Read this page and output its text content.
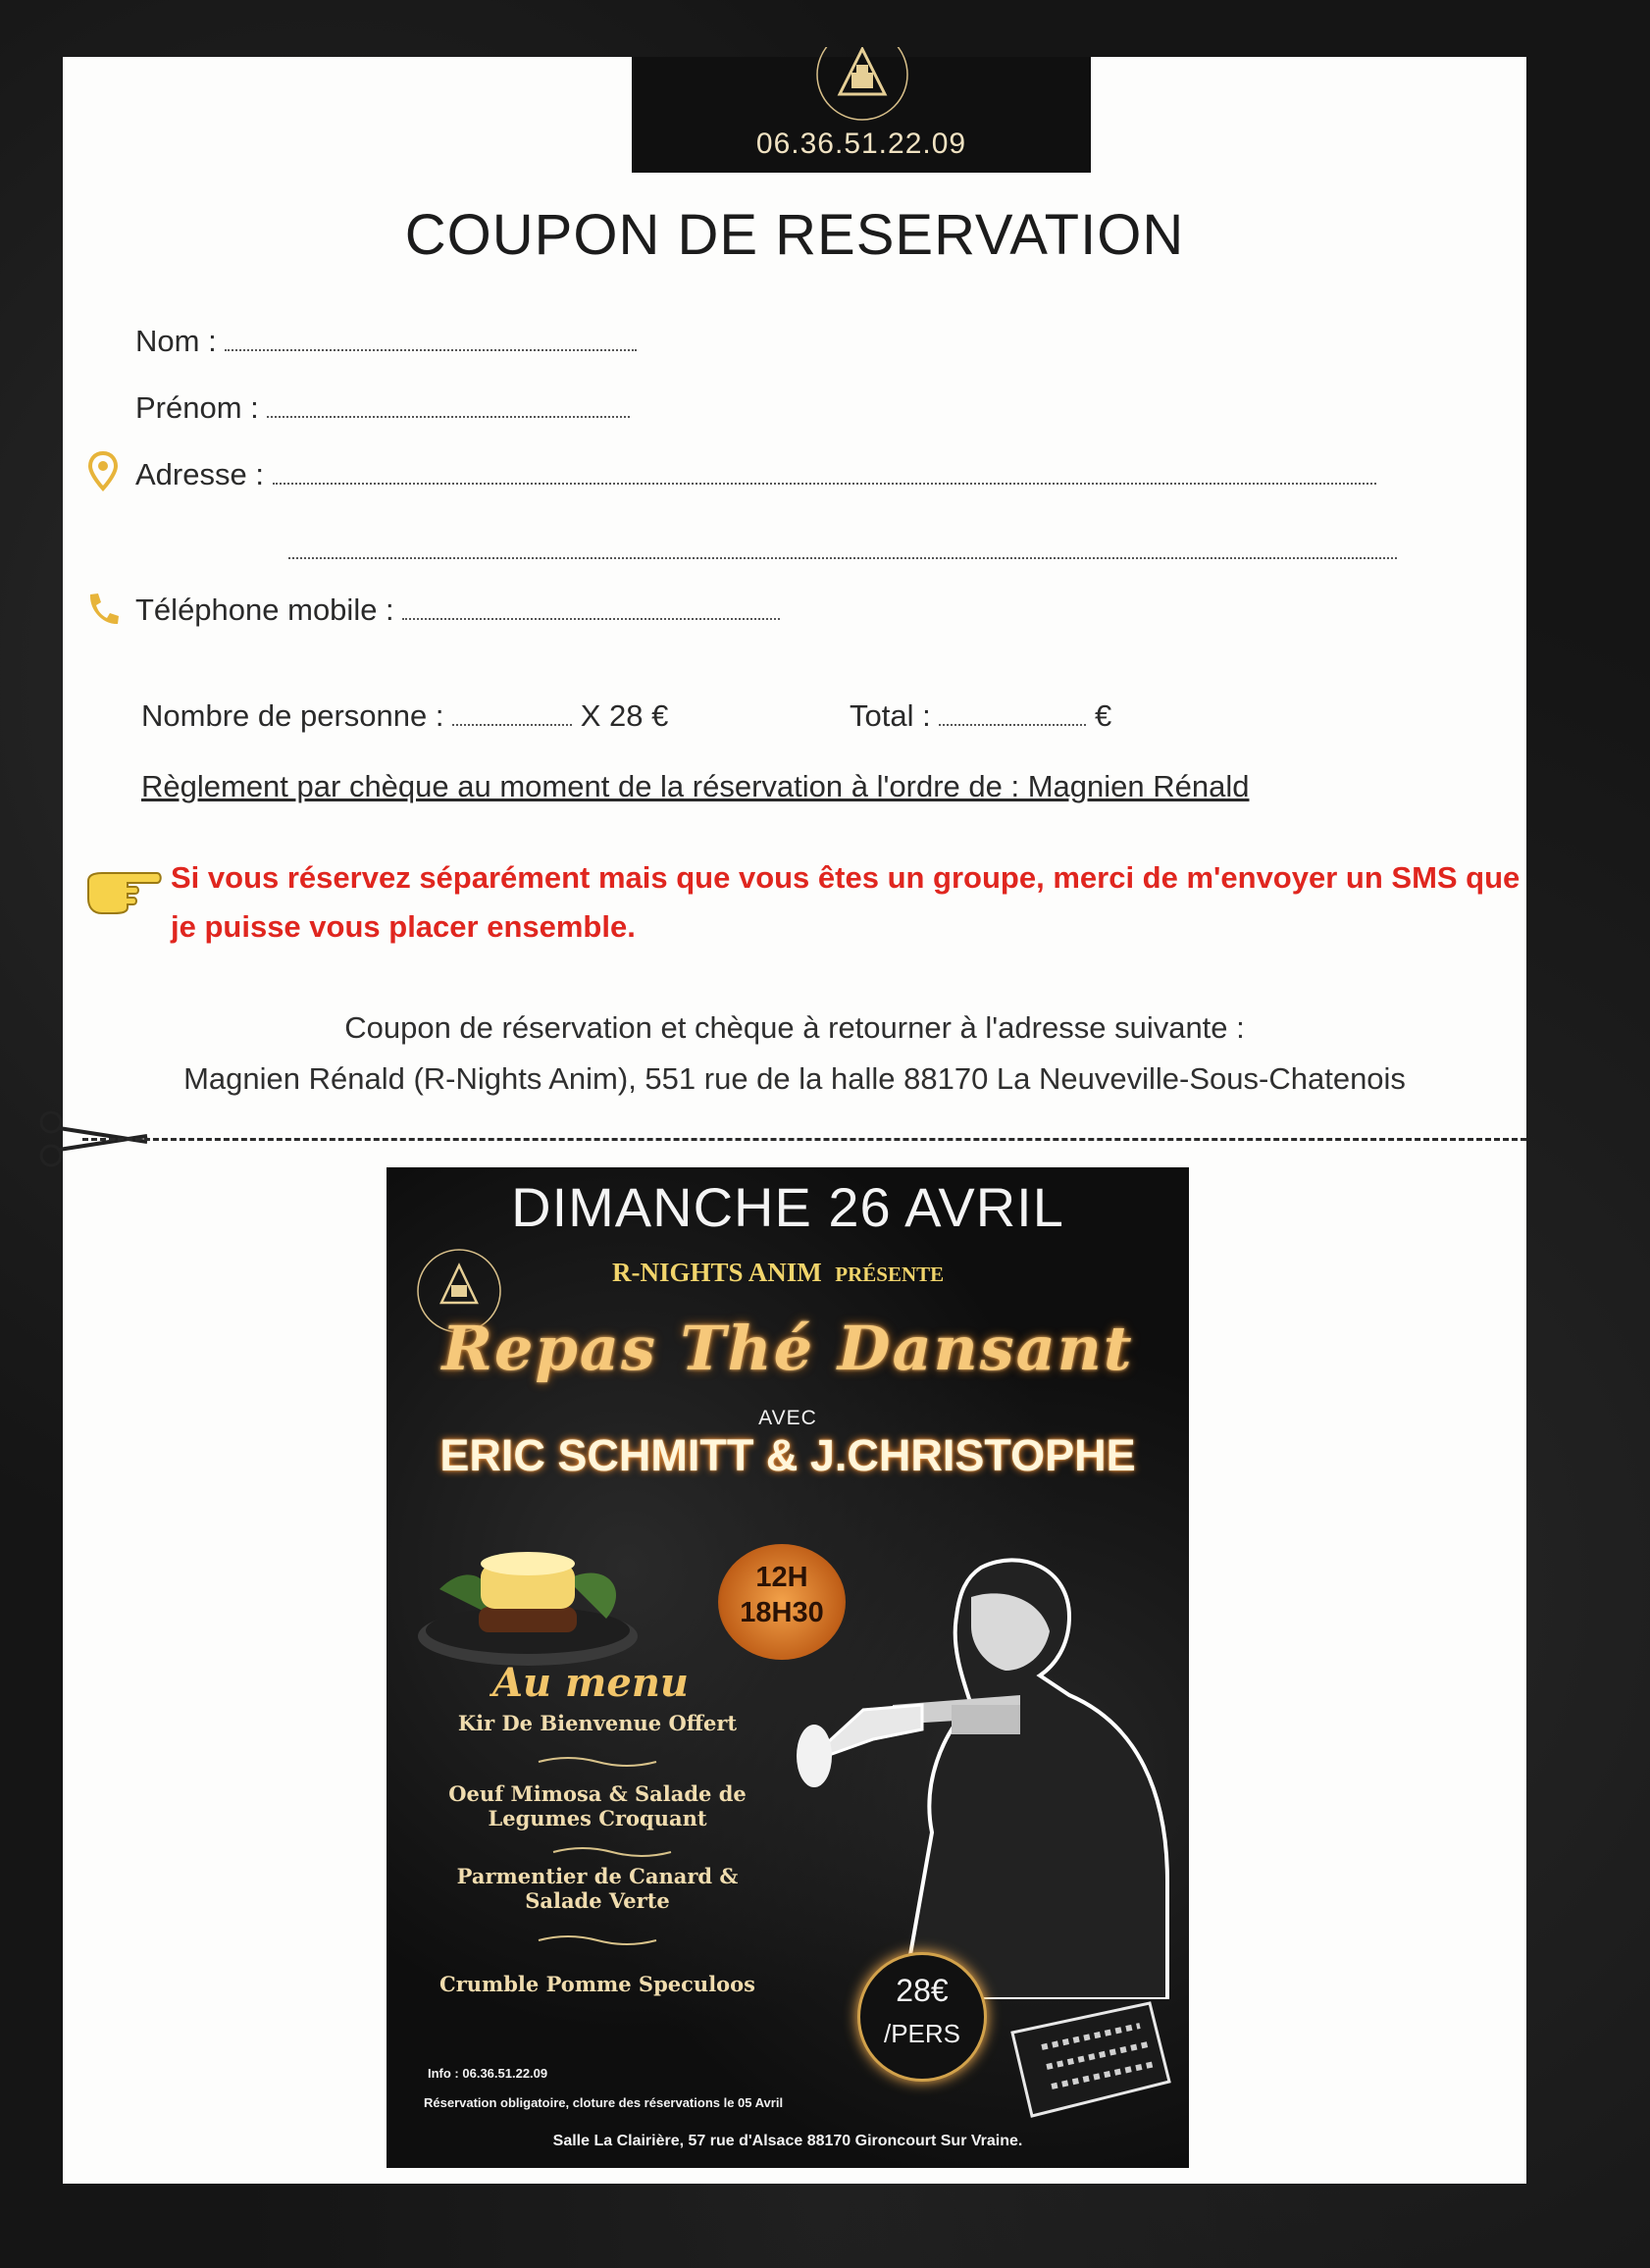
06.36.51.22.09
COUPON DE RESERVATION
Nom :
Prénom :
Adresse :
Téléphone mobile :
Nombre de personne :	X 28 €	Total :	€
Règlement par chèque au moment de la réservation à l'ordre de : Magnien Rénald
Si vous réservez séparément mais que vous êtes un groupe, merci de m'envoyer un SMS que je puisse vous placer ensemble.
Coupon de réservation et chèque à retourner à l'adresse suivante :
Magnien Rénald (R-Nights Anim), 551 rue de la halle 88170 La Neuveville-Sous-Chatenois
DIMANCHE 26 AVRIL
R-NIGHTS ANIM PRÉSENTE
Repas Thé Dansant
AVEC
ERIC SCHMITT & J.CHRISTOPHE
12H
18H30
Au menu
Kir De Bienvenue Offert
Oeuf Mimosa & Salade de Legumes Croquant
Parmentier de Canard & Salade Verte
Crumble Pomme Speculoos	28€
/PERS
Info : 06.36.51.22.09
Réservation obligatoire, cloture des réservations le 05 Avril
Salle La Clairière, 57 rue d'Alsace 88170 Gironcourt Sur Vraine.
